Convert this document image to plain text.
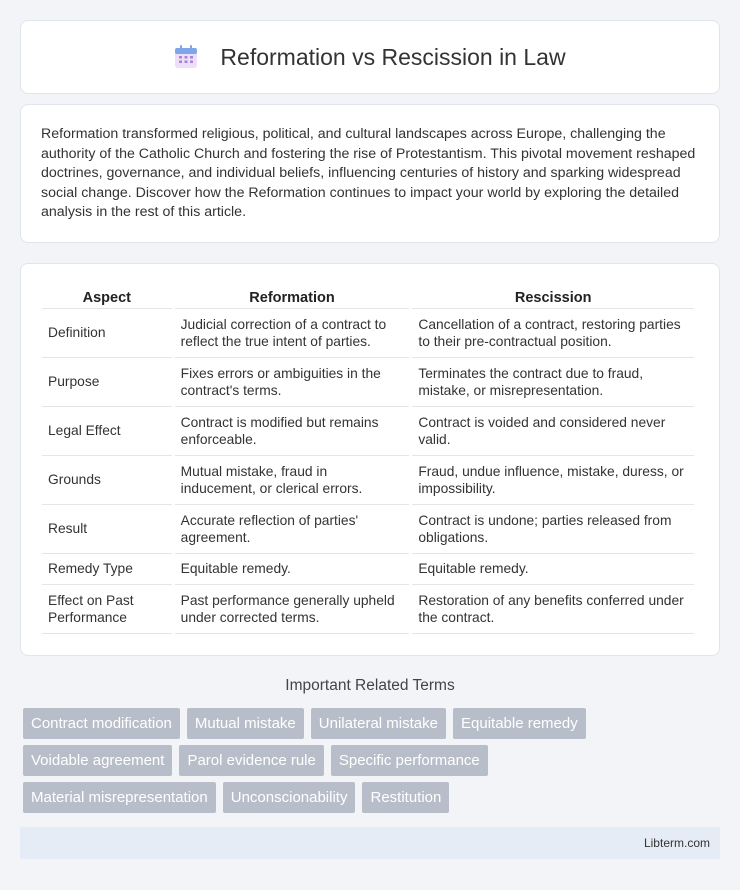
Reformation vs Rescission in Law

Reformation transformed religious, political, and cultural landscapes across Europe, challenging the authority of the Catholic Church and fostering the rise of Protestantism. This pivotal movement reshaped doctrines, governance, and individual beliefs, influencing centuries of history and sparking widespread social change. Discover how the Reformation continues to impact your world by exploring the detailed analysis in the rest of this article.

Aspect	Reformation	Rescission
Definition	Judicial correction of a contract to reflect the true intent of parties.	Cancellation of a contract, restoring parties to their pre-contractual position.
Purpose	Fixes errors or ambiguities in the contract's terms.	Terminates the contract due to fraud, mistake, or misrepresentation.
Legal Effect	Contract is modified but remains enforceable.	Contract is voided and considered never valid.
Grounds	Mutual mistake, fraud in inducement, or clerical errors.	Fraud, undue influence, mistake, duress, or impossibility.
Result	Accurate reflection of parties' agreement.	Contract is undone; parties released from obligations.
Remedy Type	Equitable remedy.	Equitable remedy.
Effect on Past Performance	Past performance generally upheld under corrected terms.	Restoration of any benefits conferred under the contract.
Important Related Terms
Contract modification	Mutual mistake	Unilateral mistake	Equitable remedy
Voidable agreement	Parol evidence rule	Specific performance
Material misrepresentation	Unconscionability	Restitution
Libterm.com
